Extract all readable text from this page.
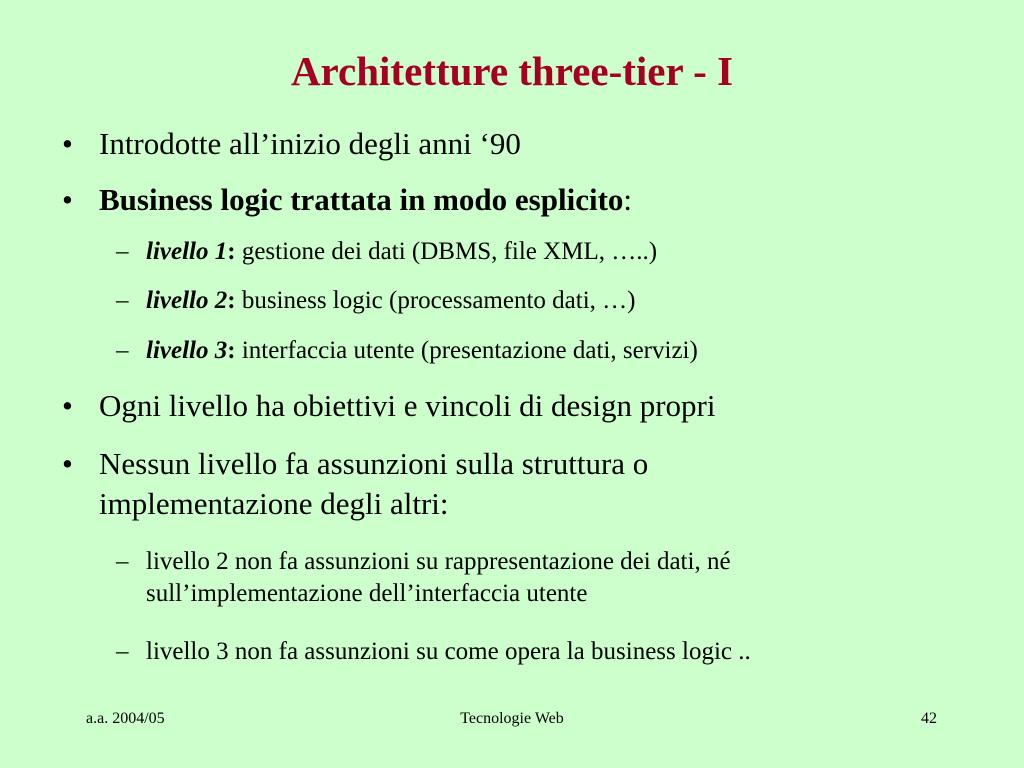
Architetture three-tier - I
• Introdotte all’inizio degli anni ‘90
• Business logic trattata in modo esplicito:
– livello 1: gestione dei dati (DBMS, file XML, …..)
– livello 2: business logic (processamento dati, …)
– livello 3: interfaccia utente (presentazione dati, servizi)
• Ogni livello ha obiettivi e vincoli di design propri
• Nessun livello fa assunzioni sulla struttura o
implementazione degli altri:
– livello 2 non fa assunzioni su rappresentazione dei dati, né
sull’implementazione dell’interfaccia utente
– livello 3 non fa assunzioni su come opera la business logic ..
a.a. 2004/05	Tecnologie Web	42
